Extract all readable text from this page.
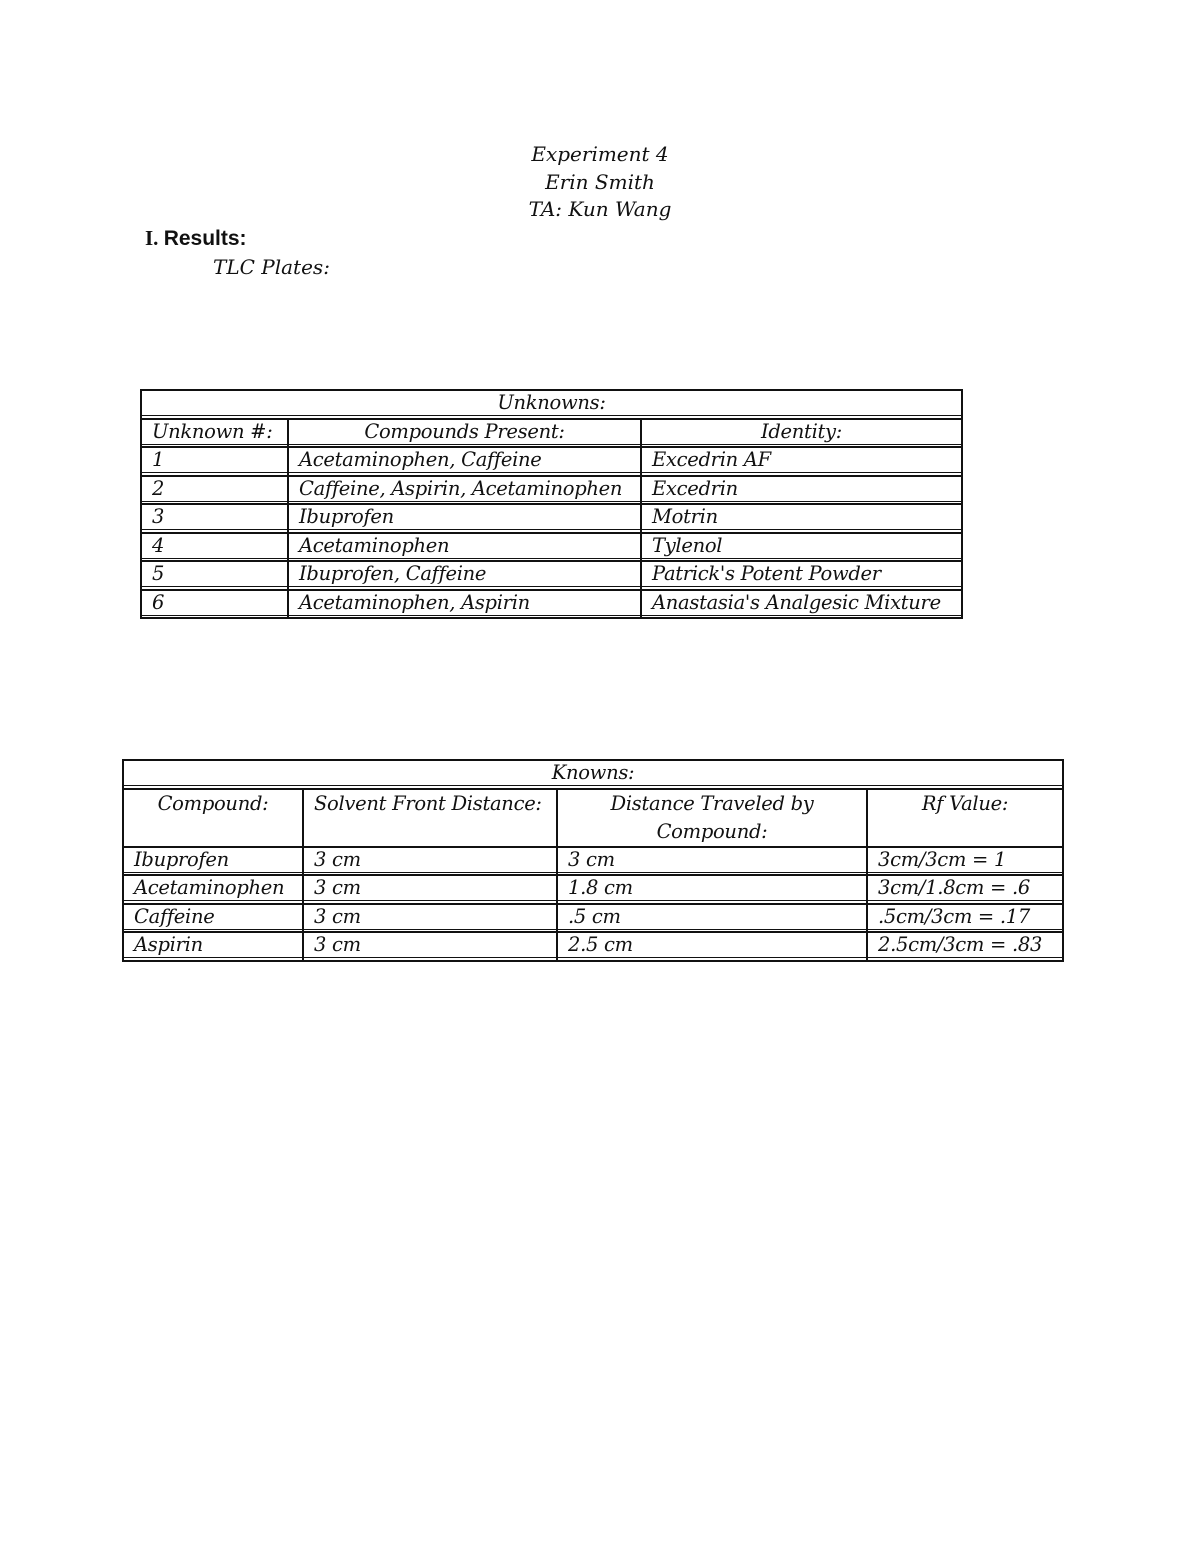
Experiment 4
Erin Smith
TA: Kun Wang
I. Results:
TLC Plates:
Unknowns:		
Unknown #:	Compounds Present:	Identity:
1	Acetaminophen, Caffeine	Excedrin AF
2	Caffeine, Aspirin, Acetaminophen	Excedrin
3	Ibuprofen	Motrin
4	Acetaminophen	Tylenol
5	Ibuprofen, Caffeine	Patrick's Potent Powder
6	Acetaminophen, Aspirin	Anastasia's Analgesic Mixture
Knowns:			
Compound:	Solvent Front Distance:	Distance Traveled by Compound:	Rf Value:
Ibuprofen	3 cm	3 cm	3cm/3cm = 1
Acetaminophen	3 cm	1.8 cm	3cm/1.8cm = .6
Caffeine	3 cm	.5 cm	.5cm/3cm = .17
Aspirin	3 cm	2.5 cm	2.5cm/3cm = .83
